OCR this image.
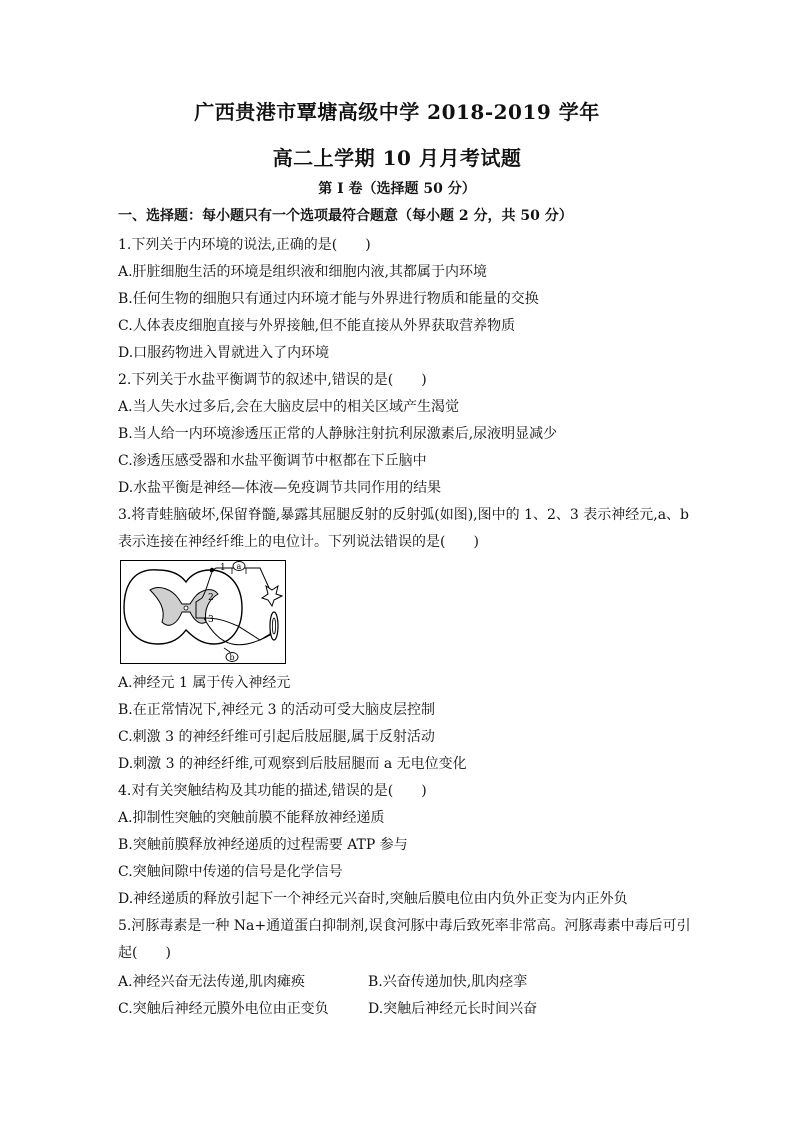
广西贵港市覃塘高级中学 2018-2019 学年
高二上学期 10 月月考试题
第 I 卷（选择题 50 分）
一、选择题：每小题只有一个选项最符合题意（每小题 2 分，共 50 分）
1.下列关于内环境的说法,正确的是(　　)
A.肝脏细胞生活的环境是组织液和细胞内液,其都属于内环境
B.任何生物的细胞只有通过内环境才能与外界进行物质和能量的交换
C.人体表皮细胞直接与外界接触,但不能直接从外界获取营养物质
D.口服药物进入胃就进入了内环境
2.下列关于水盐平衡调节的叙述中,错误的是(　　)
A.当人失水过多后,会在大脑皮层中的相关区域产生渴觉
B.当人给一内环境渗透压正常的人静脉注射抗利尿激素后,尿液明显减少
C.渗透压感受器和水盐平衡调节中枢都在下丘脑中
D.水盐平衡是神经—体液—免疫调节共同作用的结果
3.将青蛙脑破坏,保留脊髓,暴露其屈腿反射的反射弧(如图),图中的 1、2、3 表示神经元,a、b
表示连接在神经纤维上的电位计。下列说法错误的是(　　)
1
2
3
a
b
A.神经元 1 属于传入神经元
B.在正常情况下,神经元 3 的活动可受大脑皮层控制
C.刺激 3 的神经纤维可引起后肢屈腿,属于反射活动
D.刺激 3 的神经纤维,可观察到后肢屈腿而 a 无电位变化
4.对有关突触结构及其功能的描述,错误的是(　　)
A.抑制性突触的突触前膜不能释放神经递质
B.突触前膜释放神经递质的过程需要 ATP 参与
C.突触间隙中传递的信号是化学信号
D.神经递质的释放引起下一个神经元兴奋时,突触后膜电位由内负外正变为内正外负
5.河豚毒素是一种 Na+通道蛋白抑制剂,误食河豚中毒后致死率非常高。河豚毒素中毒后可引
起(　　)
A.神经兴奋无法传递,肌肉瘫痪	B.兴奋传递加快,肌肉痉挛
C.突触后神经元膜外电位由正变负	D.突触后神经元长时间兴奋
